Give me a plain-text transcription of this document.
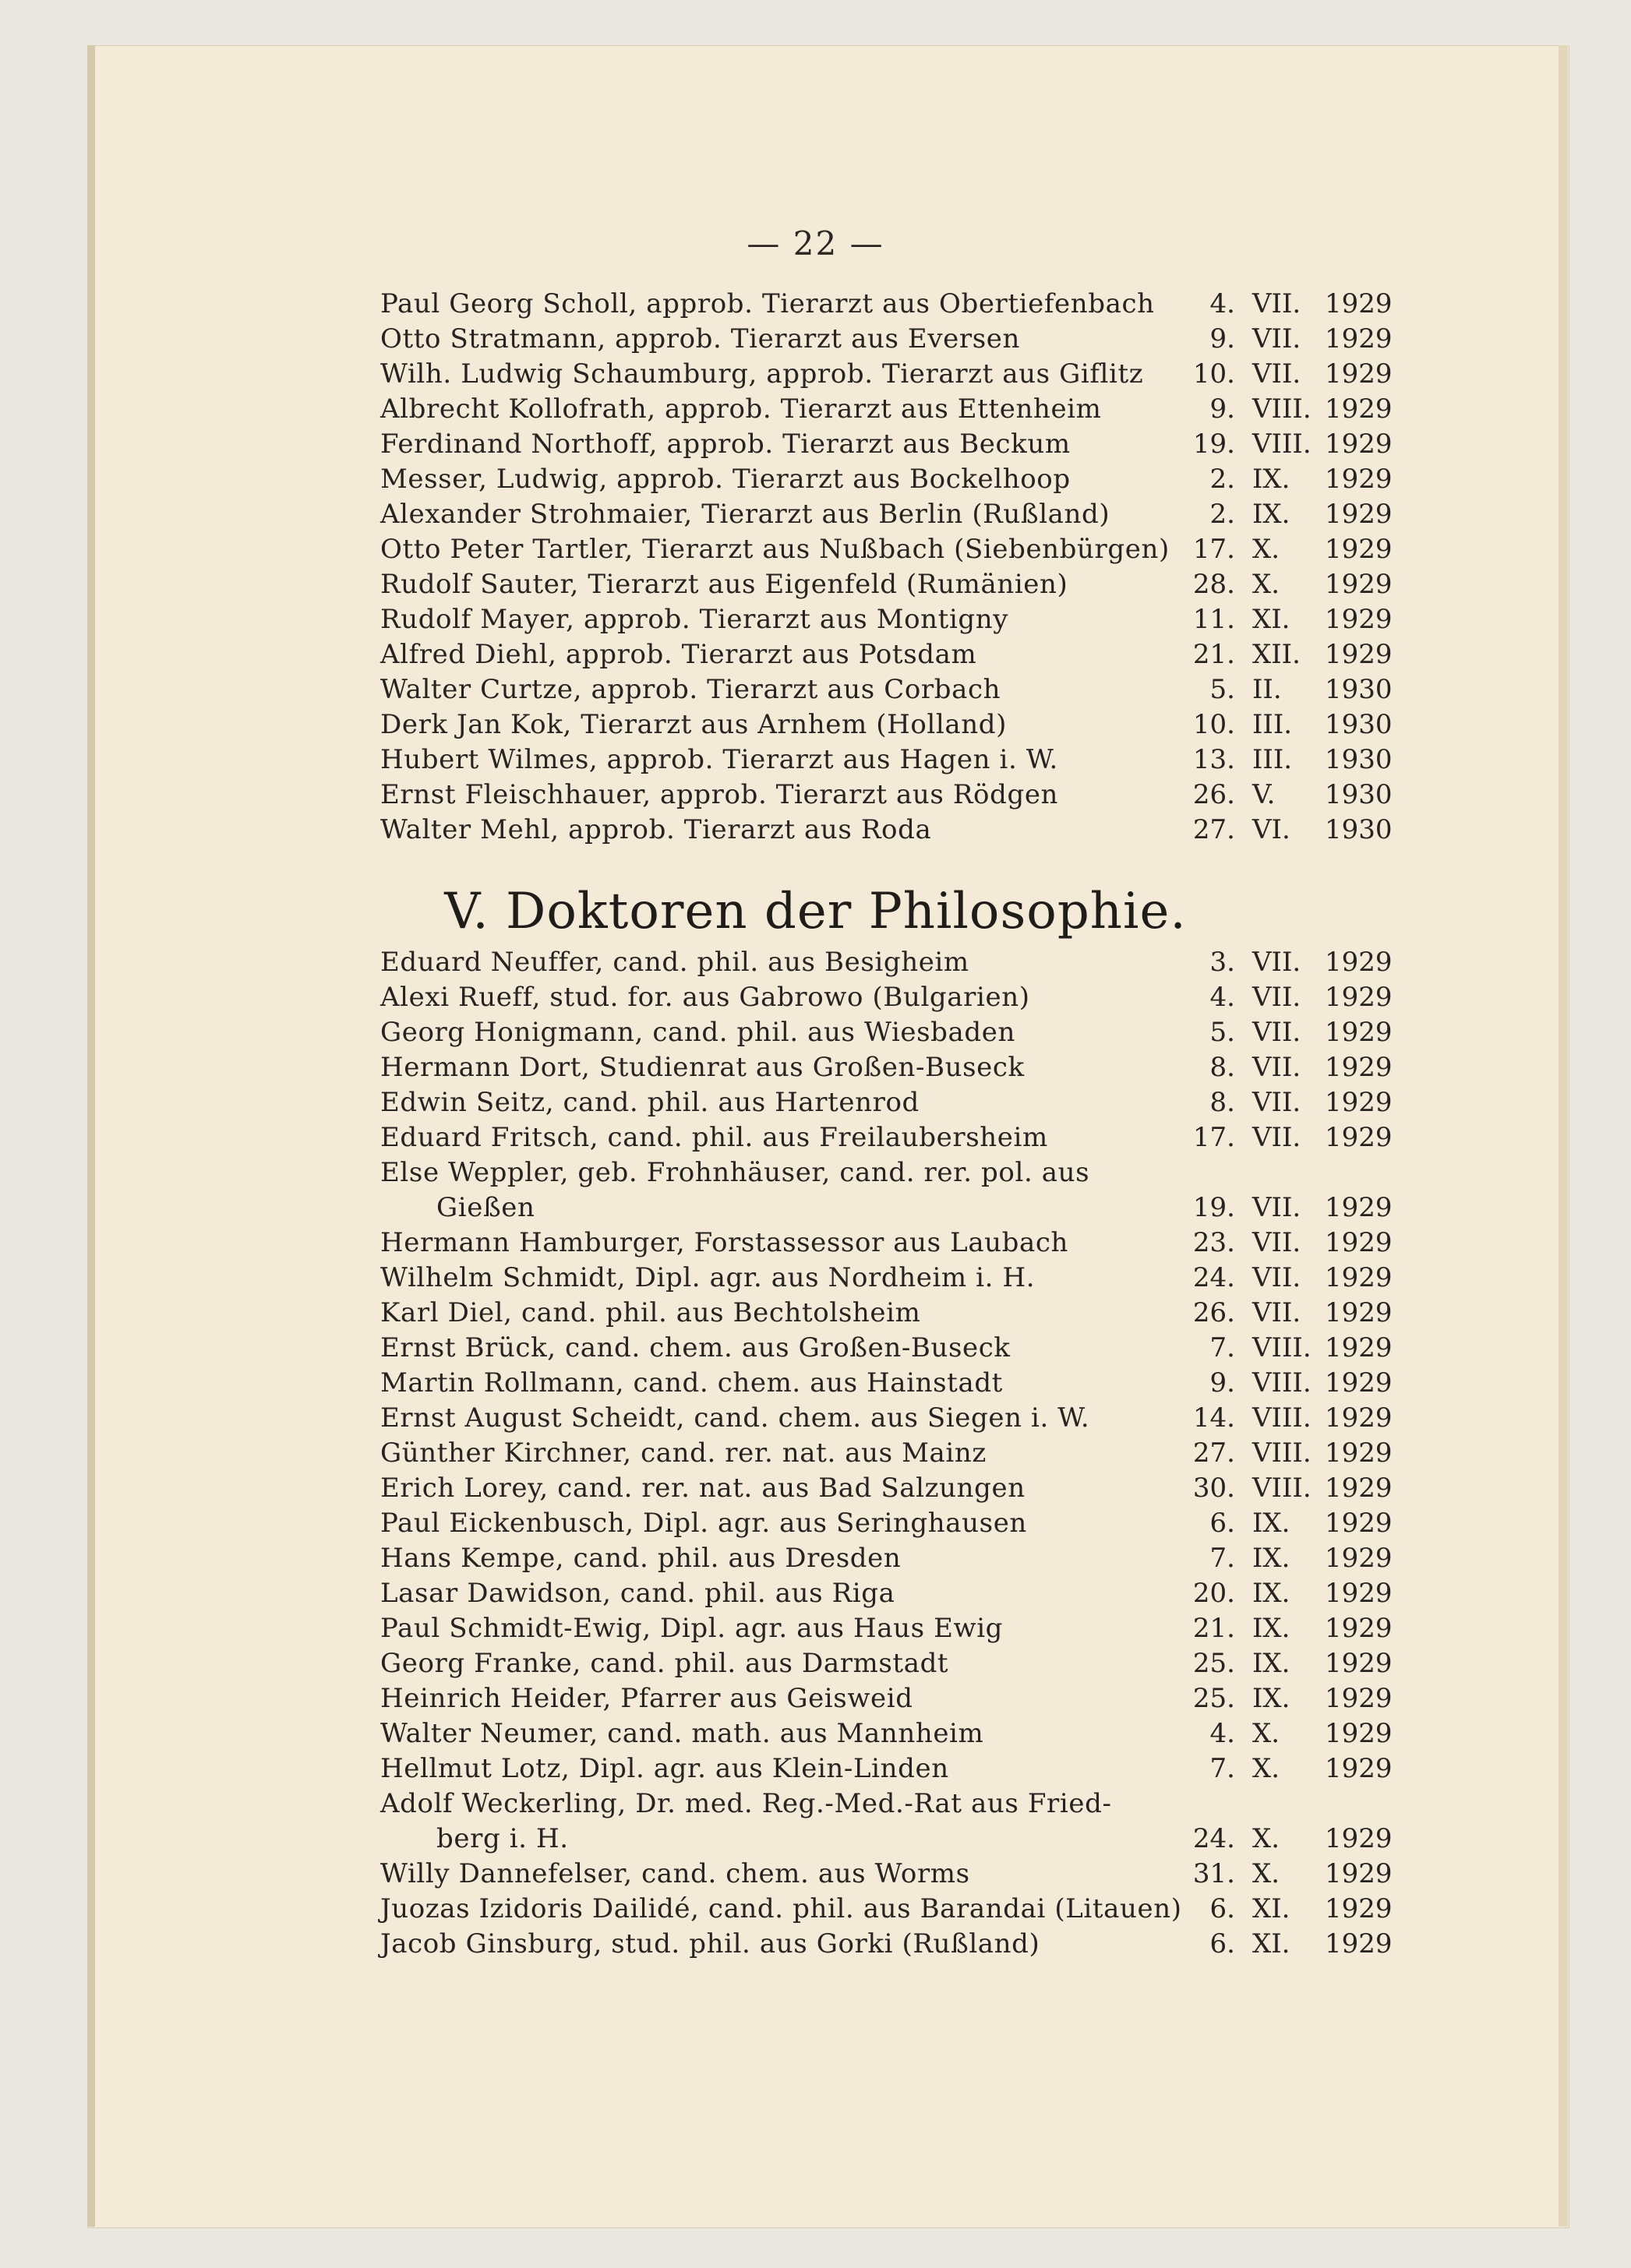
— 22 —
Paul Georg Scholl, approb. Tierarzt aus Obertiefenbach	4. VII. 1929
Otto Stratmann, approb. Tierarzt aus Eversen	9. VII. 1929
Wilh. Ludwig Schaumburg, approb. Tierarzt aus Giflitz	10. VII. 1929
Albrecht Kollofrath, approb. Tierarzt aus Ettenheim	9. VIII. 1929
Ferdinand Northoff, approb. Tierarzt aus Beckum	19. VIII. 1929
Messer, Ludwig, approb. Tierarzt aus Bockelhoop	2. IX.	1929
Alexander Strohmaier, Tierarzt aus Berlin (Rußland)	2. IX.	1929
Otto Peter Tartler, Tierarzt aus Nußbach (Siebenbürgen) 17. X.	1929
Rudolf Sauter, Tierarzt aus Eigenfeld (Rumänien)	28. X.	1929
Rudolf Mayer, approb. Tierarzt aus Montigny	11. XI.	1929
Alfred Diehl, approb. Tierarzt aus Potsdam	21. XII. 1929
Walter Curtze, approb. Tierarzt aus Corbach	5. II.	1930
Derk Jan Kok, Tierarzt aus Arnhem (Holland)	10. III.	1930
Hubert Wilmes, approb. Tierarzt aus Hagen i. W.	13. III.	1930
Ernst Fleischhauer, approb. Tierarzt aus Rödgen	26. V.	1930
Walter Mehl, approb. Tierarzt aus Roda	27. VI.	1930
V. Doktoren der Philosophie.
Eduard Neuffer, cand. phil. aus Besigheim	3. VII. 1929
Alexi Rueff, stud. for. aus Gabrowo (Bulgarien)	4. VII. 1929
Georg Honigmann, cand. phil. aus Wiesbaden	5. VII. 1929
Hermann Dort, Studienrat aus Großen-Buseck	8. VII. 1929
Edwin Seitz, cand. phil. aus Hartenrod	8. VII. 1929
Eduard Fritsch, cand. phil. aus Freilaubersheim	17. VII. 1929
Else Weppler, geb. Frohnhäuser, cand. rer. pol. aus
Gießen	19. VII. 1929
Hermann Hamburger, Forstassessor aus Laubach	23. VII. 1929
Wilhelm Schmidt, Dipl. agr. aus Nordheim i. H.	24. VII. 1929
Karl Diel, cand. phil. aus Bechtolsheim	26. VII. 1929
Ernst Brück, cand. chem. aus Großen-Buseck	7. VIII. 1929
Martin Rollmann, cand. chem. aus Hainstadt	9. VIII. 1929
Ernst August Scheidt, cand. chem. aus Siegen i. W.	14. VIII. 1929
Günther Kirchner, cand. rer. nat. aus Mainz	27. VIII. 1929
Erich Lorey, cand. rer. nat. aus Bad Salzungen	30. VIII. 1929
Paul Eickenbusch, Dipl. agr. aus Seringhausen	6. IX.	1929
Hans Kempe, cand. phil. aus Dresden	7. IX.	1929
Lasar Dawidson, cand. phil. aus Riga	20. IX.	1929
Paul Schmidt-Ewig, Dipl. agr. aus Haus Ewig	21. IX.	1929
Georg Franke, cand. phil. aus Darmstadt	25. IX.	1929
Heinrich Heider, Pfarrer aus Geisweid	25. IX.	1929
Walter Neumer, cand. math. aus Mannheim	4. X.	1929
Hellmut Lotz, Dipl. agr. aus Klein-Linden	7. X.	1929
Adolf Weckerling, Dr. med. Reg.-Med.-Rat aus Fried-
berg i. H.	24. X.	1929
Willy Dannefelser, cand. chem. aus Worms	31. X.	1929
Juozas Izidoris Dailidé, cand. phil. aus Barandai (Litauen)	6. XI.	1929
Jacob Ginsburg, stud. phil. aus Gorki (Rußland)	6. XI.	1929
